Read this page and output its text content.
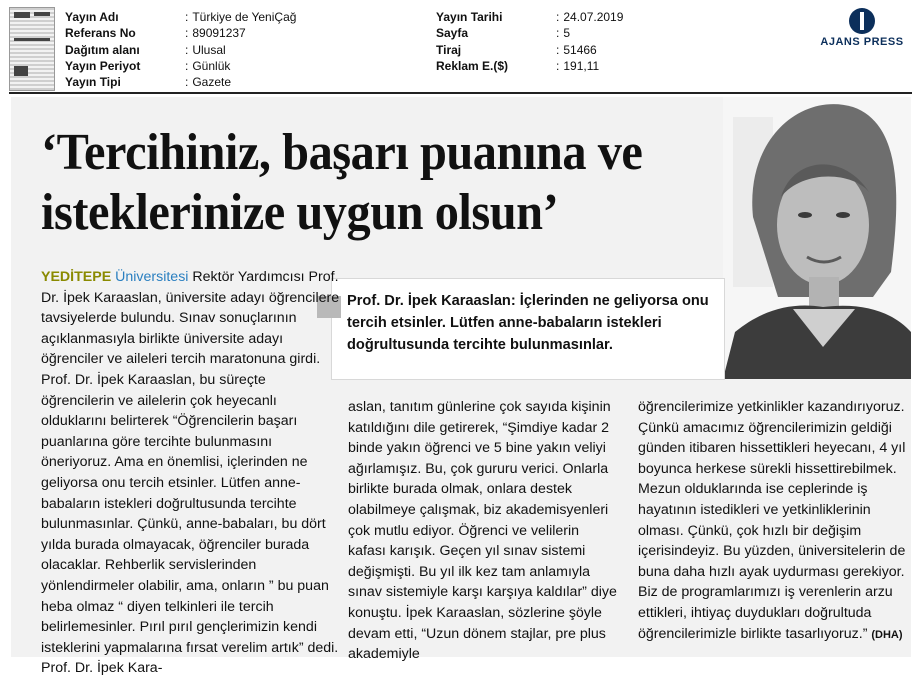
Yayın Adı	: Türkiye de YeniÇağ
Referans No	: 89091237
Dağıtım alanı	: Ulusal
Yayın Periyot	: Günlük
Yayın Tipi	: Gazete
Yayın Tarihi	: 24.07.2019
Sayfa	: 5
Tiraj	: 51466
Reklam E.($)	: 191,11
AJANS PRESS
‘Tercihiniz, başarı puanına ve isteklerinize uygun olsun’

Prof. Dr. İpek Karaaslan: İçlerinden ne geliyorsa onu tercih etsinler. Lütfen anne-babaların istekleri doğrultusunda tercihte bulunmasınlar.

YEDİTEPE Üniversitesi Rektör Yardımcısı Prof. Dr. İpek Karaaslan, üniversite adayı öğrencilere tavsiyelerde bulundu. Sınav sonuçlarının açıklanmasıyla birlikte üniversite adayı öğrenciler ve aileleri tercih maratonuna girdi. Prof. Dr. İpek Karaaslan, bu süreçte öğrencilerin ve ailelerin çok heyecanlı olduklarını belirterek “Öğrencilerin başarı puanlarına göre tercihte bulunmasını öneriyoruz. Ama en önemlisi, içlerinden ne geliyorsa onu tercih etsinler. Lütfen anne-babaların istekleri doğrultusunda tercihte bulunmasınlar. Çünkü, anne-babaları, bu dört yılda burada olmayacak, öğrenciler burada olacaklar. Rehberlik servislerinden yönlendirmeler olabilir, ama, onların ” bu puan heba olmaz “ diyen telkinleri ile tercih belirlemesinler. Pırıl pırıl gençlerimizin kendi isteklerini yapmalarına fırsat verelim artık” dedi. Prof. Dr. İpek Kara-

aslan, tanıtım günlerine çok sayıda kişinin katıldığını dile getirerek, “Şimdiye kadar 2 binde yakın öğrenci ve 5 bine yakın veliyi ağırlamışız. Bu, çok gururu verici. Onlarla birlikte burada olmak, onlara destek olabilmeye çalışmak, biz akademisyenleri çok mutlu ediyor. Öğrenci ve velilerin kafası karışık. Geçen yıl sınav sistemi değişmişti. Bu yıl ilk kez tam anlamıyla sınav sistemiyle karşı karşıya kaldılar” diye konuştu. İpek Karaaslan, sözlerine şöyle devam etti, “Uzun dönem stajlar, pre plus akademiyle

öğrencilerimize yetkinlikler kazandırıyoruz. Çünkü amacımız öğrencilerimizin geldiği günden itibaren hissettikleri heyecanı, 4 yıl boyunca herkese sürekli hissettirebilmek. Mezun olduklarında ise ceplerinde iş hayatının istedikleri ve yetkinliklerinin olması. Çünkü, çok hızlı bir değişim içerisindeyiz. Bu yüzden, üniversitelerin de buna daha hızlı ayak uydurması gerekiyor. Biz de programlarımızı iş verenlerin arzu ettikleri, ihtiyaç duydukları doğrultuda öğrencilerimizle birlikte tasarlıyoruz.” (DHA)
